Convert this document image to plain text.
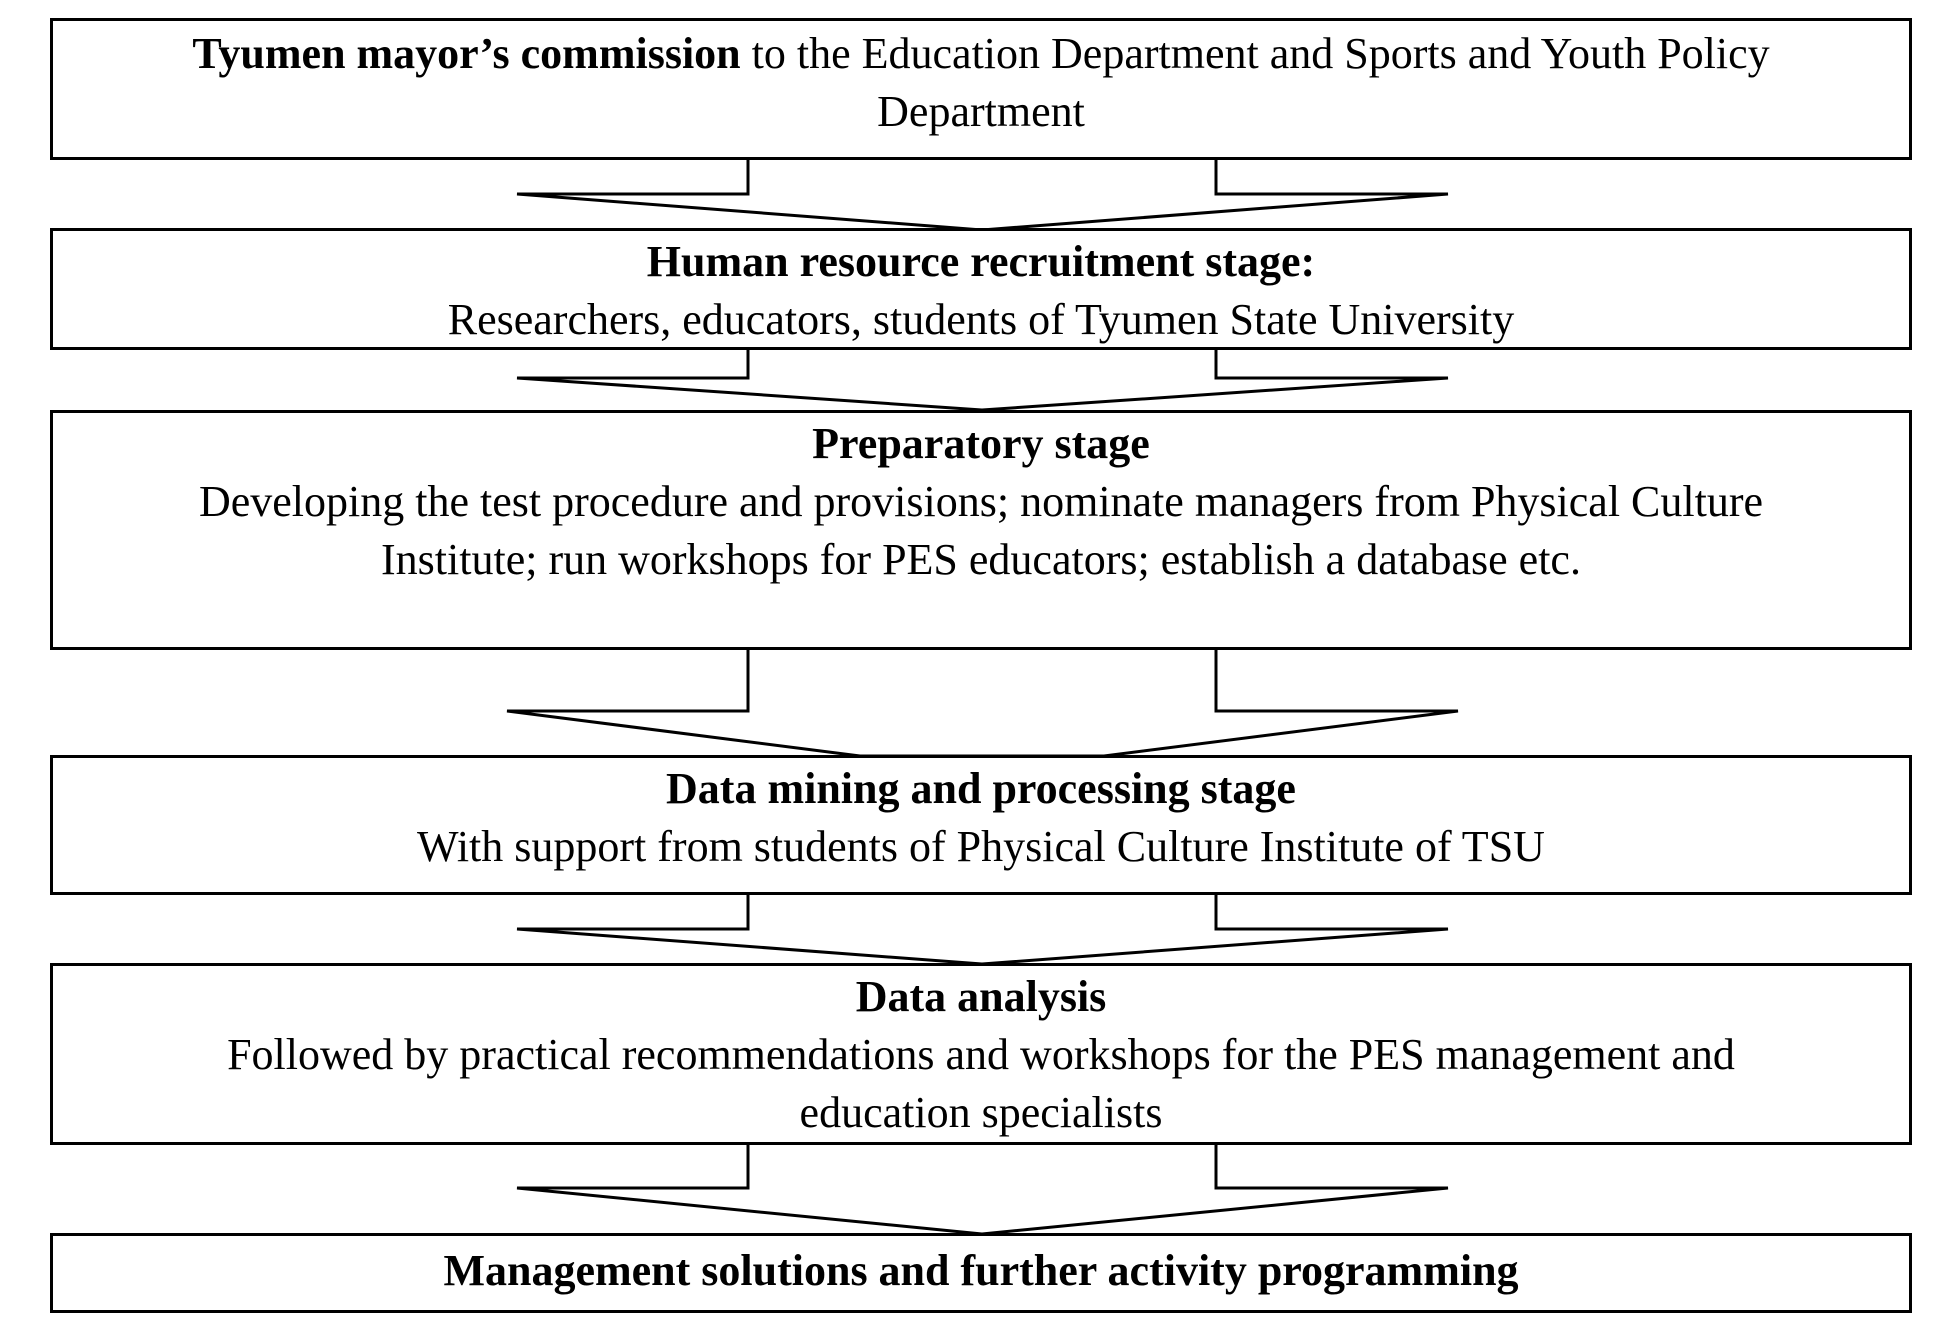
Tyumen mayor’s commission to the Education Department and Sports and Youth Policy
Department
Human resource recruitment stage:
Researchers, educators, students of Tyumen State University
Preparatory stage
Developing the test procedure and provisions; nominate managers from Physical Culture
Institute; run workshops for PES educators; establish a database etc.
Data mining and processing stage
With support from students of Physical Culture Institute of TSU
Data analysis
Followed by practical recommendations and workshops for the PES management and
education specialists
Management solutions and further activity programming
